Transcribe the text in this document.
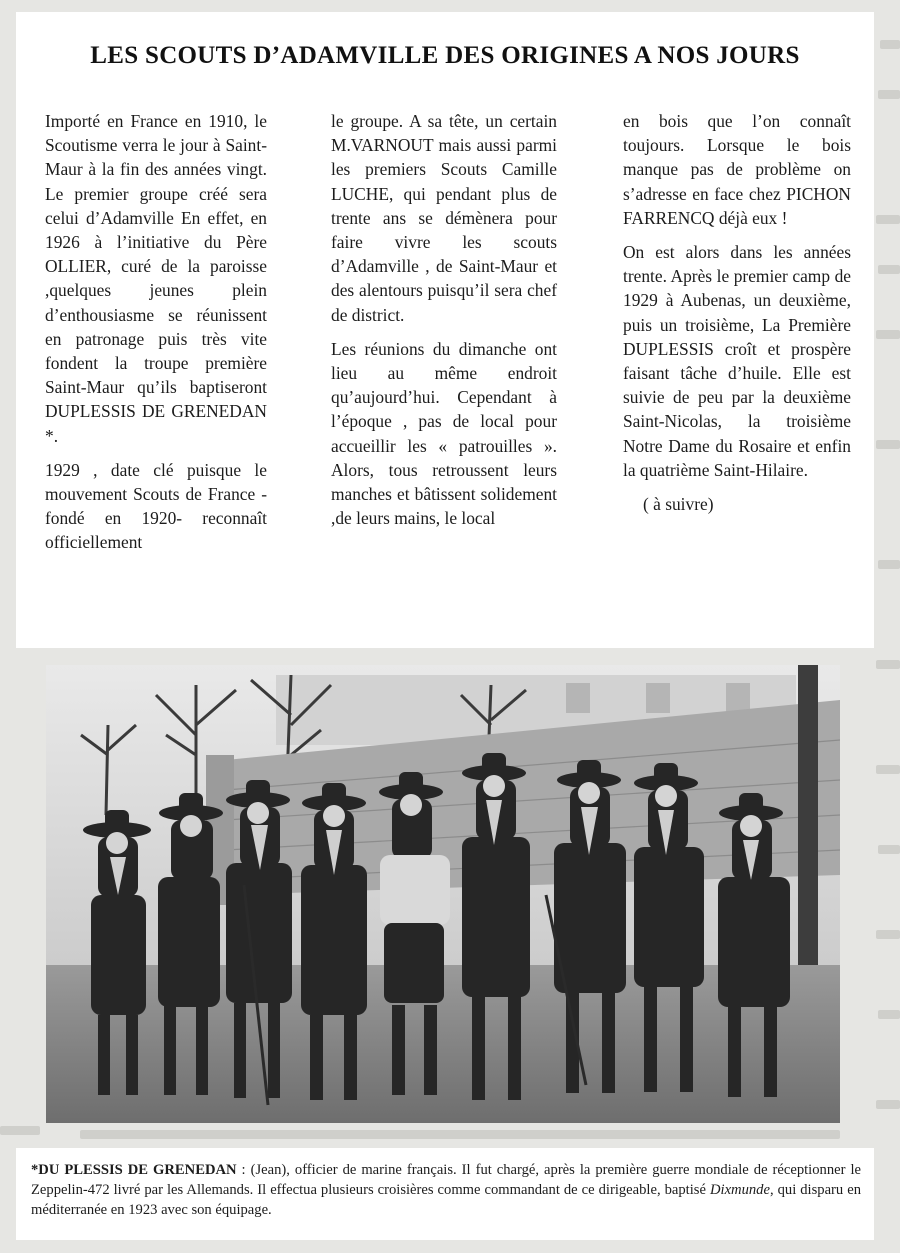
LES SCOUTS D’ADAMVILLE DES ORIGINES A NOS JOURS

Importé en France en 1910, le Scoutisme verra le jour à Saint-Maur à la fin des années vingt. Le premier groupe créé sera celui d’Adamville En effet, en 1926 à l’initiative du Père OLLIER, curé de la paroisse ,quelques jeunes plein d’enthousiasme se réunissent en patronage puis très vite fondent la troupe première Saint-Maur qu’ils baptiseront DUPLESSIS DE GRENEDAN *.

1929 , date clé puisque le mouvement Scouts de France - fondé en 1920- reconnaît officiellement

le groupe. A sa tête, un certain M.VARNOUT mais aussi parmi les premiers Scouts Camille LUCHE, qui pendant plus de trente ans se démènera pour faire vivre les scouts d’Adamville , de Saint-Maur et des alentours puisqu’il sera chef de district.

Les réunions du dimanche ont lieu au même endroit qu’aujourd’hui. Cependant à l’époque , pas de local pour accueillir les « patrouilles ». Alors, tous retroussent leurs manches et bâtissent solidement ,de leurs mains, le local

en bois que l’on connaît toujours. Lorsque le bois manque pas de problème on s’adresse en face chez PICHON FARRENCQ déjà eux !

On est alors dans les années trente. Après le premier camp de 1929 à Aubenas, un deuxième, puis un troisième, La Première DUPLESSIS croît et prospère faisant tâche d’huile. Elle est suivie de peu par la deuxième Saint-Nicolas, la troisième Notre Dame du Rosaire et enfin la quatrième Saint-Hilaire.

( à suivre)

*DU PLESSIS DE GRENEDAN : (Jean), officier de marine français. Il fut chargé, après la première guerre mondiale de réceptionner le Zeppelin-472 livré par les Allemands. Il effectua plusieurs croisières comme commandant de ce dirigeable, baptisé Dixmunde, qui disparu en méditerranée en 1923 avec son équipage.
